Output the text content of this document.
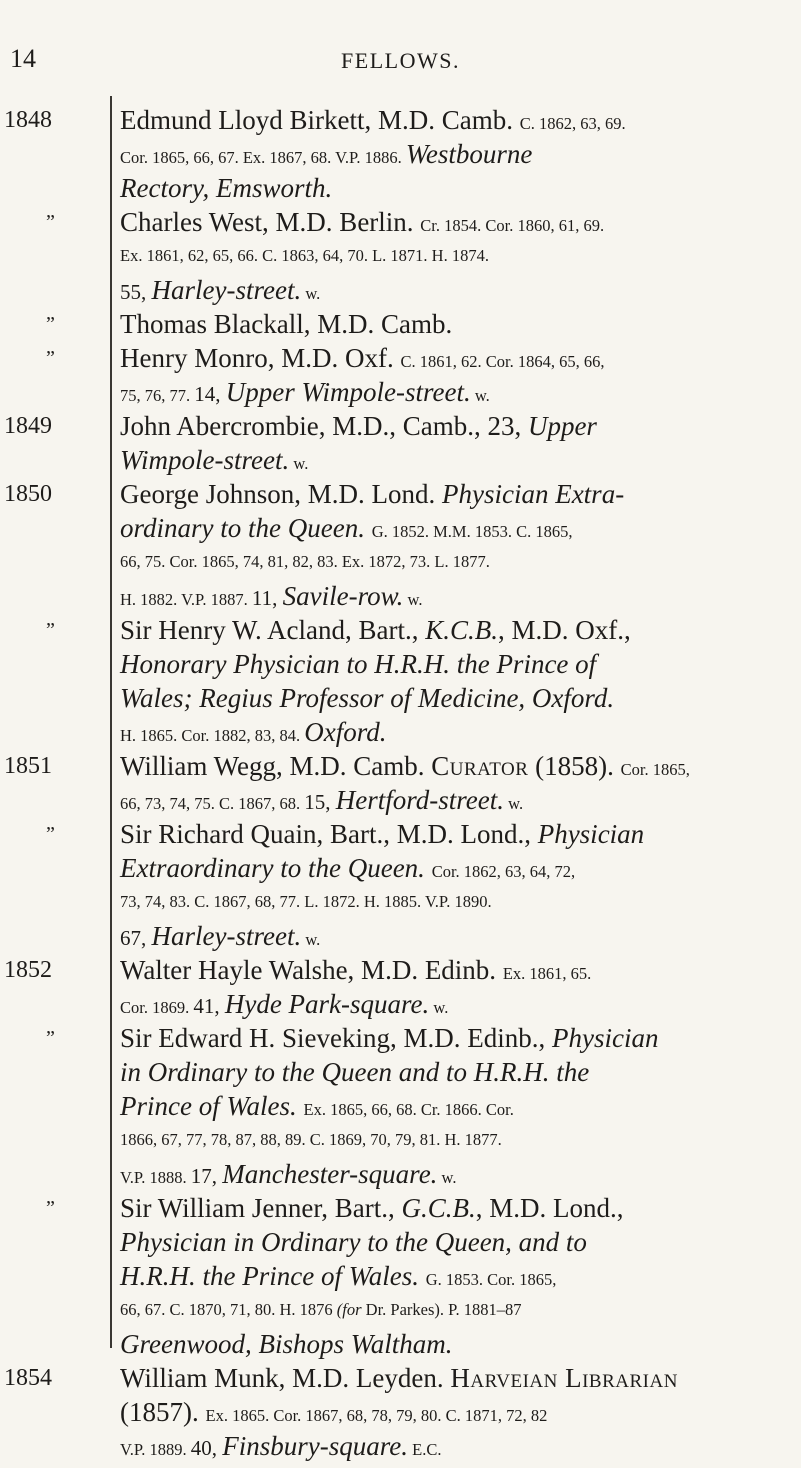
14	FELLOWS.
1848	Edmund Lloyd Birkett, M.D. Camb. C. 1862, 63, 69.
Cor. 1865, 66, 67. Ex. 1867, 68. V.P. 1886. Westbourne
Rectory, Emsworth.
”	Charles West, M.D. Berlin. Cr. 1854. Cor. 1860, 61, 69.
Ex. 1861, 62, 65, 66. C. 1863, 64, 70. L. 1871. H. 1874.
55, Harley-street. w.
”	Thomas Blackall, M.D. Camb.
”	Henry Monro, M.D. Oxf. C. 1861, 62. Cor. 1864, 65, 66,
75, 76, 77. 14, Upper Wimpole-street. w.
1849	John Abercrombie, M.D., Camb., 23, Upper
Wimpole-street. w.
1850	George Johnson, M.D. Lond. Physician Extra-
ordinary to the Queen. G. 1852. M.M. 1853. C. 1865,
66, 75. Cor. 1865, 74, 81, 82, 83. Ex. 1872, 73. L. 1877.
H. 1882. V.P. 1887. 11, Savile-row. w.
”	Sir Henry W. Acland, Bart., K.C.B., M.D. Oxf.,
Honorary Physician to H.R.H. the Prince of
Wales; Regius Professor of Medicine, Oxford.
H. 1865. Cor. 1882, 83, 84. Oxford.
1851	William Wegg, M.D. Camb. Curator (1858). Cor. 1865,
66, 73, 74, 75. C. 1867, 68. 15, Hertford-street. w.
”	Sir Richard Quain, Bart., M.D. Lond., Physician
Extraordinary to the Queen. Cor. 1862, 63, 64, 72,
73, 74, 83. C. 1867, 68, 77. L. 1872. H. 1885. V.P. 1890.
67, Harley-street. w.
1852	Walter Hayle Walshe, M.D. Edinb. Ex. 1861, 65.
Cor. 1869. 41, Hyde Park-square. w.
”	Sir Edward H. Sieveking, M.D. Edinb., Physician
in Ordinary to the Queen and to H.R.H. the
Prince of Wales. Ex. 1865, 66, 68. Cr. 1866. Cor.
1866, 67, 77, 78, 87, 88, 89. C. 1869, 70, 79, 81. H. 1877.
V.P. 1888. 17, Manchester-square. w.
”	Sir William Jenner, Bart., G.C.B., M.D. Lond.,
Physician in Ordinary to the Queen, and to
H.R.H. the Prince of Wales. G. 1853. Cor. 1865,
66, 67. C. 1870, 71, 80. H. 1876 (for Dr. Parkes). P. 1881–87
Greenwood, Bishops Waltham.
1854	William Munk, M.D. Leyden. Harveian Librarian
(1857). Ex. 1865. Cor. 1867, 68, 78, 79, 80. C. 1871, 72, 82
V.P. 1889. 40, Finsbury-square. E.C.
